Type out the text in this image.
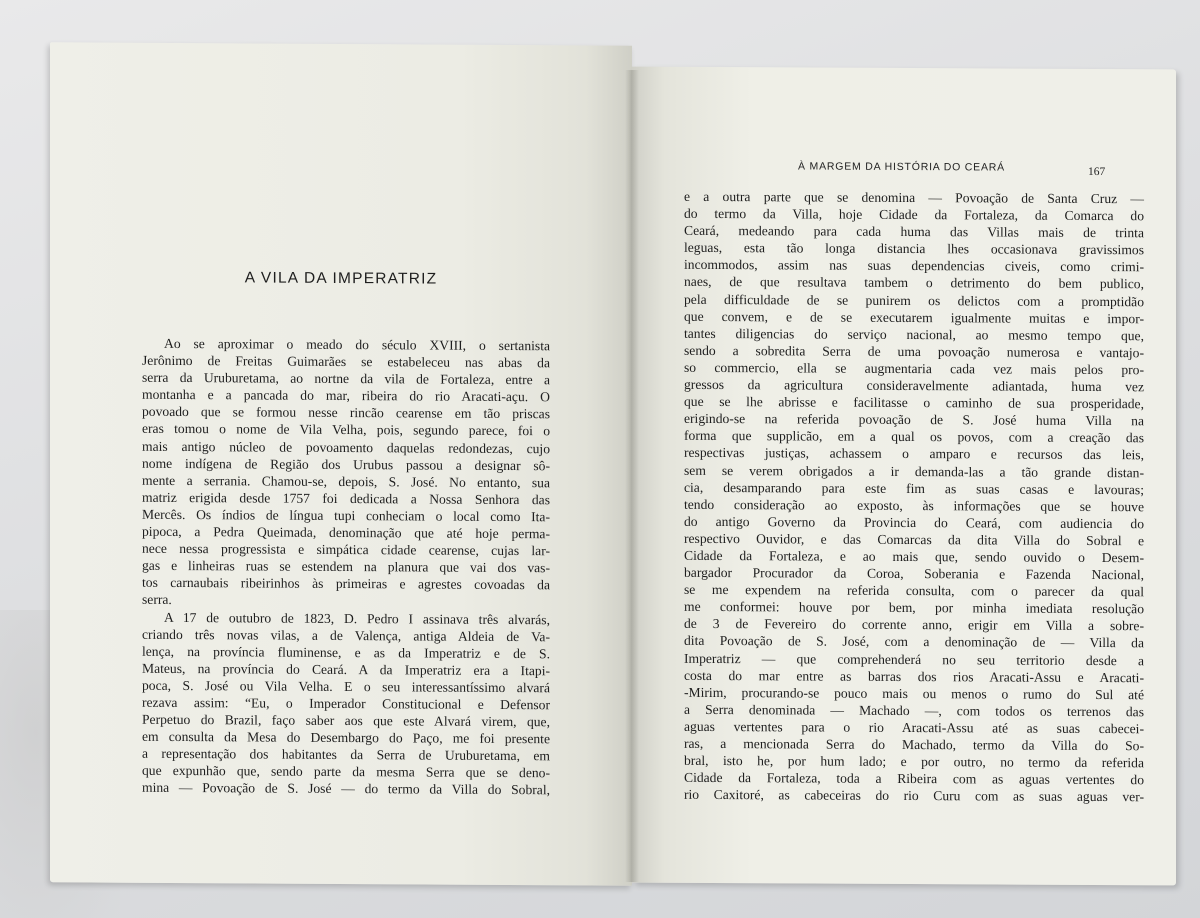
A VILA DA IMPERATRIZ
Ao se aproximar o meado do século XVIII, o sertanista
Jerônimo de Freitas Guimarães se estabeleceu nas abas da
serra da Uruburetama, ao nortne da vila de Fortaleza, entre a
montanha e a pancada do mar, ribeira do rio Aracati-açu. O
povoado que se formou nesse rincão cearense em tão priscas
eras tomou o nome de Vila Velha, pois, segundo parece, foi o
mais antigo núcleo de povoamento daquelas redondezas, cujo
nome indígena de Região dos Urubus passou a designar sô-
mente a serrania. Chamou-se, depois, S. José. No entanto, sua
matriz erigida desde 1757 foi dedicada a Nossa Senhora das
Mercês. Os índios de língua tupi conheciam o local como Ita-
pipoca, a Pedra Queimada, denominação que até hoje perma-
nece nessa progressista e simpática cidade cearense, cujas lar-
gas e linheiras ruas se estendem na planura que vai dos vas-
tos carnaubais ribeirinhos às primeiras e agrestes covoadas da
serra.
A 17 de outubro de 1823, D. Pedro I assinava três alvarás,
criando três novas vilas, a de Valença, antiga Aldeia de Va-
lença, na província fluminense, e as da Imperatriz e de S.
Mateus, na província do Ceará. A da Imperatriz era a Itapi-
poca, S. José ou Vila Velha. E o seu interessantíssimo alvará
rezava assim: “Eu, o Imperador Constitucional e Defensor
Perpetuo do Brazil, faço saber aos que este Alvará virem, que,
em consulta da Mesa do Desembargo do Paço, me foi presente
a representação dos habitantes da Serra de Uruburetama, em
que expunhão que, sendo parte da mesma Serra que se deno-
mina — Povoação de S. José — do termo da Villa do Sobral,
À MARGEM DA HISTÓRIA DO CEARÁ	167
e a outra parte que se denomina — Povoação de Santa Cruz —
do termo da Villa, hoje Cidade da Fortaleza, da Comarca do
Ceará, medeando para cada huma das Villas mais de trinta
leguas, esta tão longa distancia lhes occasionava gravissimos
incommodos, assim nas suas dependencias civeis, como crimi-
naes, de que resultava tambem o detrimento do bem publico,
pela difficuldade de se punirem os delictos com a promptidão
que convem, e de se executarem igualmente muitas e impor-
tantes diligencias do serviço nacional, ao mesmo tempo que,
sendo a sobredita Serra de uma povoação numerosa e vantajo-
so commercio, ella se augmentaria cada vez mais pelos pro-
gressos da agricultura consideravelmente adiantada, huma vez
que se lhe abrisse e facilitasse o caminho de sua prosperidade,
erigindo-se na referida povoação de S. José huma Villa na
forma que supplicão, em a qual os povos, com a creação das
respectivas justiças, achassem o amparo e recursos das leis,
sem se verem obrigados a ir demanda-las a tão grande distan-
cia, desamparando para este fim as suas casas e lavouras;
tendo consideração ao exposto, às informações que se houve
do antigo Governo da Provincia do Ceará, com audiencia do
respectivo Ouvidor, e das Comarcas da dita Villa do Sobral e
Cidade da Fortaleza, e ao mais que, sendo ouvido o Desem-
bargador Procurador da Coroa, Soberania e Fazenda Nacional,
se me expendem na referida consulta, com o parecer da qual
me conformei: houve por bem, por minha imediata resolução
de 3 de Fevereiro do corrente anno, erigir em Villa a sobre-
dita Povoação de S. José, com a denominação de — Villa da
Imperatriz — que comprehenderá no seu territorio desde a
costa do mar entre as barras dos rios Aracati-Assu e Aracati-
-Mirim, procurando-se pouco mais ou menos o rumo do Sul até
a Serra denominada — Machado —, com todos os terrenos das
aguas vertentes para o rio Aracati-Assu até as suas cabecei-
ras, a mencionada Serra do Machado, termo da Villa do So-
bral, isto he, por hum lado; e por outro, no termo da referida
Cidade da Fortaleza, toda a Ribeira com as aguas vertentes do
rio Caxitoré, as cabeceiras do rio Curu com as suas aguas ver-
